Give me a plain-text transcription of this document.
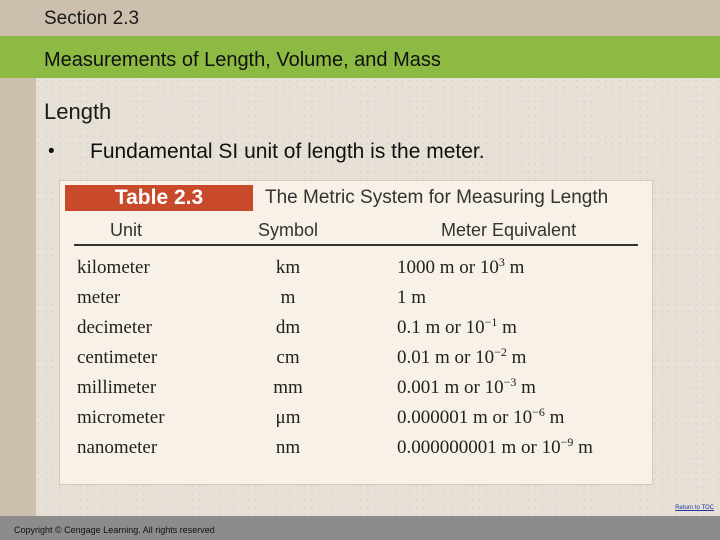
Section 2.3
Measurements of Length, Volume, and Mass
Length
• Fundamental SI unit of length is the meter.
Table 2.3	The Metric System for Measuring Length
Unit	Symbol	Meter Equivalent
kilometer	km	1000 m or $10^3$ m
meter	m	1 m
decimeter	dm	0.1 m or $10^{-1}$ m
centimeter	cm	0.01 m or $10^{-2}$ m
millimeter	mm	0.001 m or $10^{-3}$ m
micrometer	μm	0.000001 m or $10^{-6}$ m
nanometer	nm	0.000000001 m or $10^{-9}$ m
Return to TOC
Copyright © Cengage Learning. All rights reserved
